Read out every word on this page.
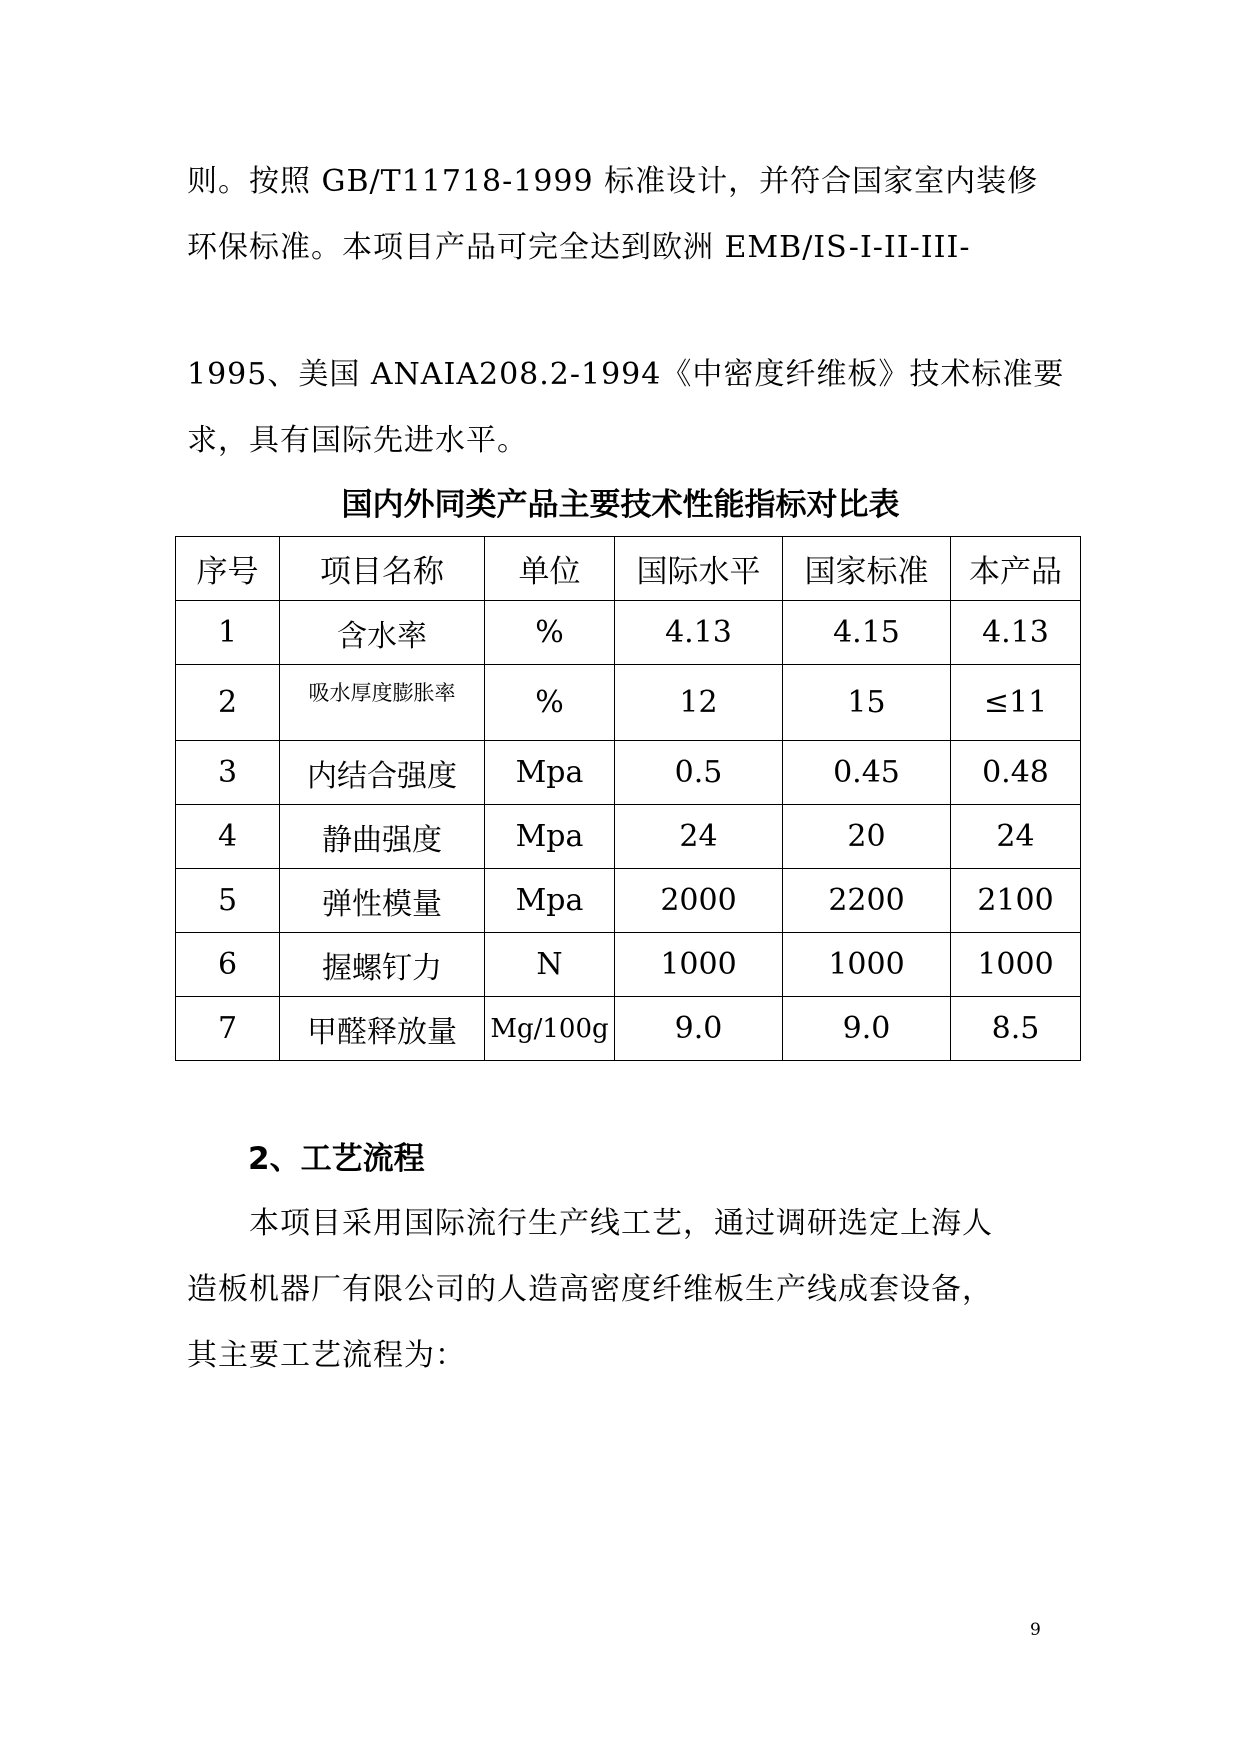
则。按照 GB/T11718-1999 标准设计，并符合国家室内装修
环保标准。本项目产品可完全达到欧洲 EMB/IS-Ⅰ-II-III-
1995、美国 ANAIA208.2-1994《中密度纤维板》技术标准要
求，具有国际先进水平。
国内外同类产品主要技术性能指标对比表
序号	项目名称	单位	国际水平	国家标准	本产品
1	含水率	%	4.13	4.15	4.13
2	吸水厚度膨胀率	%	12	15	≤11
3	内结合强度	Mpa	0.5	0.45	0.48
4	静曲强度	Mpa	24	20	24
5	弹性模量	Mpa	2000	2200	2100
6	握螺钉力	N	1000	1000	1000
7	甲醛释放量	Mg/100g	9.0	9.0	8.5
2、工艺流程
　　本项目采用国际流行生产线工艺，通过调研选定上海人
造板机器厂有限公司的人造高密度纤维板生产线成套设备，
其主要工艺流程为：
9
